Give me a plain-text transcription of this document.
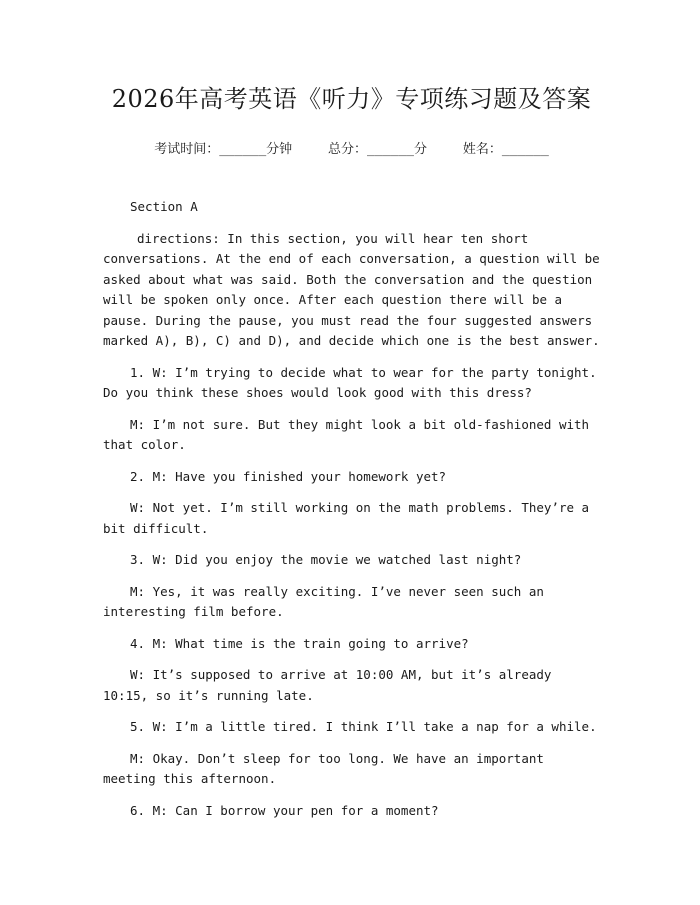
2026年高考英语《听力》专项练习题及答案
考试时间：______分钟	总分：______分	姓名：______

Section A

directions: In this section, you will hear ten short conversations. At the end of each conversation, a question will be asked about what was said. Both the conversation and the question will be spoken only once. After each question there will be a pause. During the pause, you must read the four suggested answers marked A), B), C) and D), and decide which one is the best answer.

1. W: I’m trying to decide what to wear for the party tonight. Do you think these shoes would look good with this dress?

M: I’m not sure. But they might look a bit old-fashioned with that color.

2. M: Have you finished your homework yet?

W: Not yet. I’m still working on the math problems. They’re a bit difficult.

3. W: Did you enjoy the movie we watched last night?

M: Yes, it was really exciting. I’ve never seen such an interesting film before.

4. M: What time is the train going to arrive?

W: It’s supposed to arrive at 10:00 AM, but it’s already 10:15, so it’s running late.

5. W: I’m a little tired. I think I’ll take a nap for a while.

M: Okay. Don’t sleep for too long. We have an important meeting this afternoon.

6. M: Can I borrow your pen for a moment?
